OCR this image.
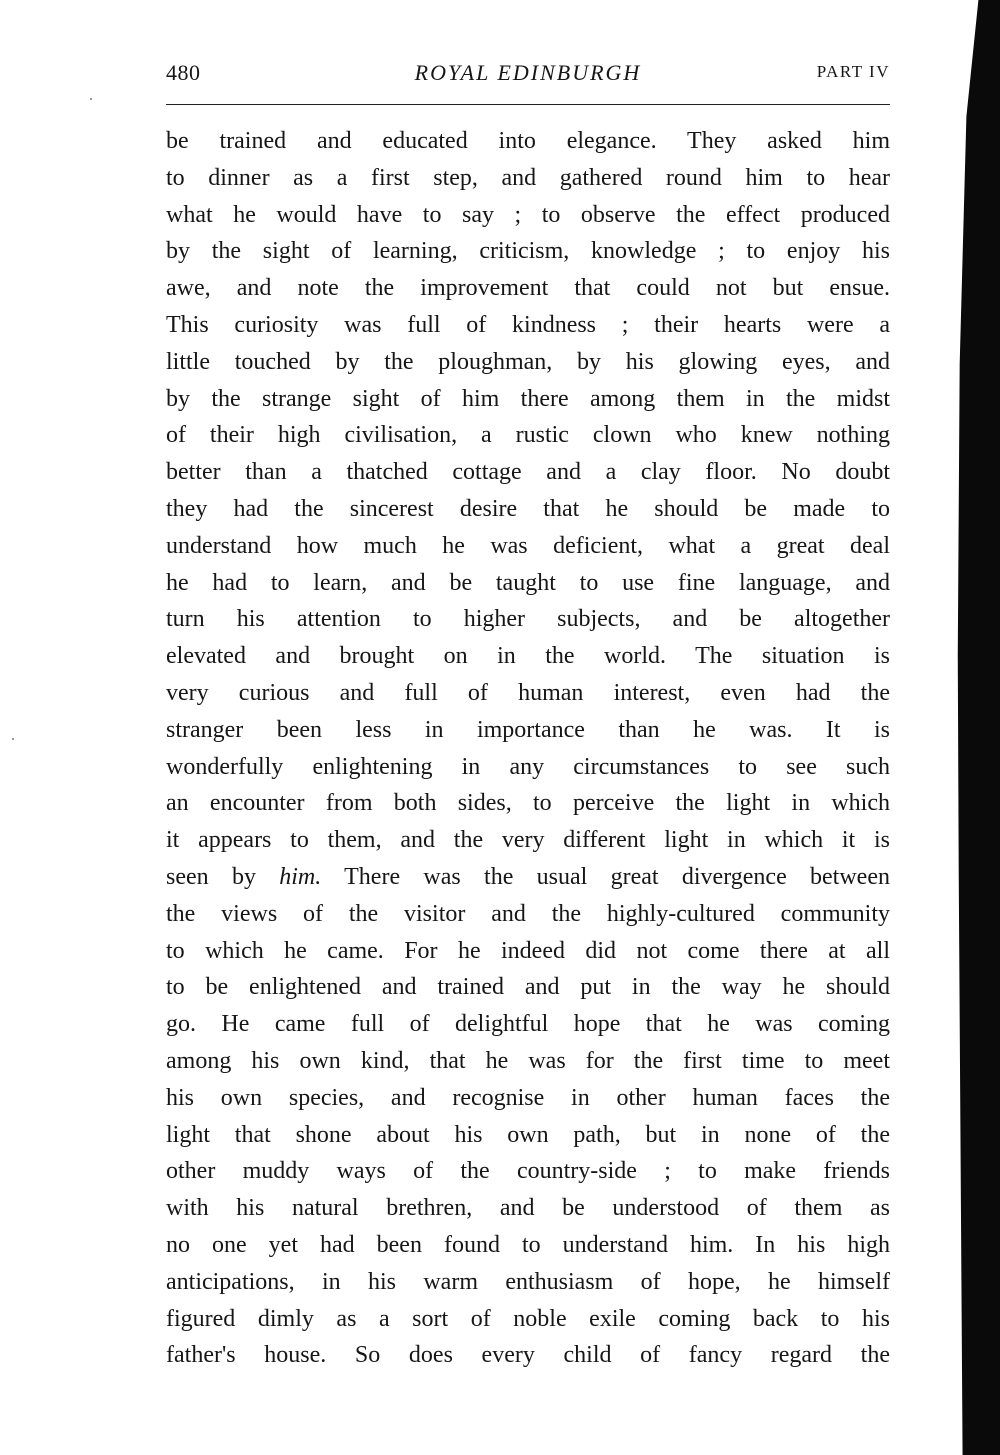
480	ROYAL EDINBURGH	PART IV
be trained and educated into elegance. They asked him
to dinner as a first step, and gathered round him to hear
what he would have to say ; to observe the effect produced
by the sight of learning, criticism, knowledge ; to enjoy his
awe, and note the improvement that could not but ensue.
This curiosity was full of kindness ; their hearts were a
little touched by the ploughman, by his glowing eyes, and
by the strange sight of him there among them in the midst
of their high civilisation, a rustic clown who knew nothing
better than a thatched cottage and a clay floor. No doubt
they had the sincerest desire that he should be made to
understand how much he was deficient, what a great deal
he had to learn, and be taught to use fine language, and
turn his attention to higher subjects, and be altogether
elevated and brought on in the world. The situation is
very curious and full of human interest, even had the
stranger been less in importance than he was. It is
wonderfully enlightening in any circumstances to see such
an encounter from both sides, to perceive the light in which
it appears to them, and the very different light in which it is
seen by him. There was the usual great divergence between
the views of the visitor and the highly-cultured community
to which he came. For he indeed did not come there at all
to be enlightened and trained and put in the way he should
go. He came full of delightful hope that he was coming
among his own kind, that he was for the first time to meet
his own species, and recognise in other human faces the
light that shone about his own path, but in none of the
other muddy ways of the country-side ; to make friends
with his natural brethren, and be understood of them as
no one yet had been found to understand him. In his high
anticipations, in his warm enthusiasm of hope, he himself
figured dimly as a sort of noble exile coming back to his
father's house. So does every child of fancy regard the
